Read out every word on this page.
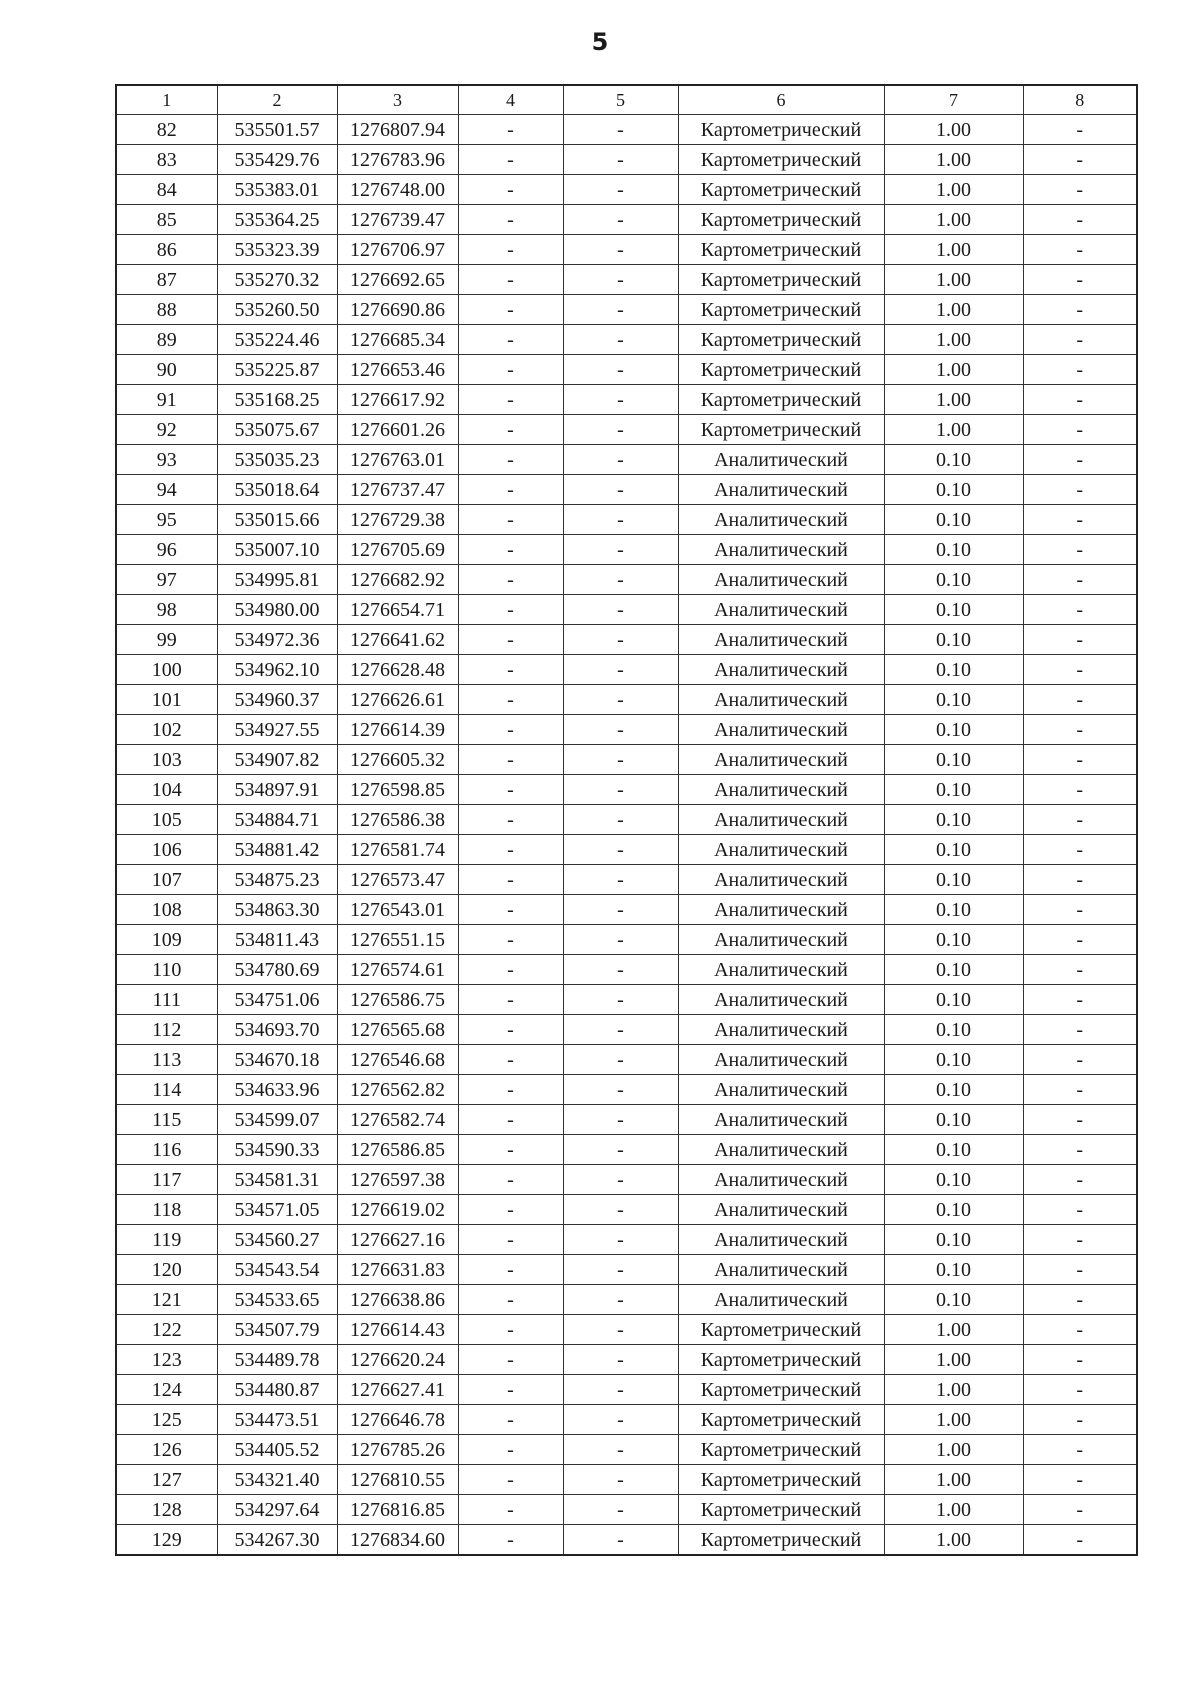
5
1	2	3	4	5	6	7	8
82	535501.57	1276807.94	-	-	Картометрический	1.00	-
83	535429.76	1276783.96	-	-	Картометрический	1.00	-
84	535383.01	1276748.00	-	-	Картометрический	1.00	-
85	535364.25	1276739.47	-	-	Картометрический	1.00	-
86	535323.39	1276706.97	-	-	Картометрический	1.00	-
87	535270.32	1276692.65	-	-	Картометрический	1.00	-
88	535260.50	1276690.86	-	-	Картометрический	1.00	-
89	535224.46	1276685.34	-	-	Картометрический	1.00	-
90	535225.87	1276653.46	-	-	Картометрический	1.00	-
91	535168.25	1276617.92	-	-	Картометрический	1.00	-
92	535075.67	1276601.26	-	-	Картометрический	1.00	-
93	535035.23	1276763.01	-	-	Аналитический	0.10	-
94	535018.64	1276737.47	-	-	Аналитический	0.10	-
95	535015.66	1276729.38	-	-	Аналитический	0.10	-
96	535007.10	1276705.69	-	-	Аналитический	0.10	-
97	534995.81	1276682.92	-	-	Аналитический	0.10	-
98	534980.00	1276654.71	-	-	Аналитический	0.10	-
99	534972.36	1276641.62	-	-	Аналитический	0.10	-
100	534962.10	1276628.48	-	-	Аналитический	0.10	-
101	534960.37	1276626.61	-	-	Аналитический	0.10	-
102	534927.55	1276614.39	-	-	Аналитический	0.10	-
103	534907.82	1276605.32	-	-	Аналитический	0.10	-
104	534897.91	1276598.85	-	-	Аналитический	0.10	-
105	534884.71	1276586.38	-	-	Аналитический	0.10	-
106	534881.42	1276581.74	-	-	Аналитический	0.10	-
107	534875.23	1276573.47	-	-	Аналитический	0.10	-
108	534863.30	1276543.01	-	-	Аналитический	0.10	-
109	534811.43	1276551.15	-	-	Аналитический	0.10	-
110	534780.69	1276574.61	-	-	Аналитический	0.10	-
111	534751.06	1276586.75	-	-	Аналитический	0.10	-
112	534693.70	1276565.68	-	-	Аналитический	0.10	-
113	534670.18	1276546.68	-	-	Аналитический	0.10	-
114	534633.96	1276562.82	-	-	Аналитический	0.10	-
115	534599.07	1276582.74	-	-	Аналитический	0.10	-
116	534590.33	1276586.85	-	-	Аналитический	0.10	-
117	534581.31	1276597.38	-	-	Аналитический	0.10	-
118	534571.05	1276619.02	-	-	Аналитический	0.10	-
119	534560.27	1276627.16	-	-	Аналитический	0.10	-
120	534543.54	1276631.83	-	-	Аналитический	0.10	-
121	534533.65	1276638.86	-	-	Аналитический	0.10	-
122	534507.79	1276614.43	-	-	Картометрический	1.00	-
123	534489.78	1276620.24	-	-	Картометрический	1.00	-
124	534480.87	1276627.41	-	-	Картометрический	1.00	-
125	534473.51	1276646.78	-	-	Картометрический	1.00	-
126	534405.52	1276785.26	-	-	Картометрический	1.00	-
127	534321.40	1276810.55	-	-	Картометрический	1.00	-
128	534297.64	1276816.85	-	-	Картометрический	1.00	-
129	534267.30	1276834.60	-	-	Картометрический	1.00	-
